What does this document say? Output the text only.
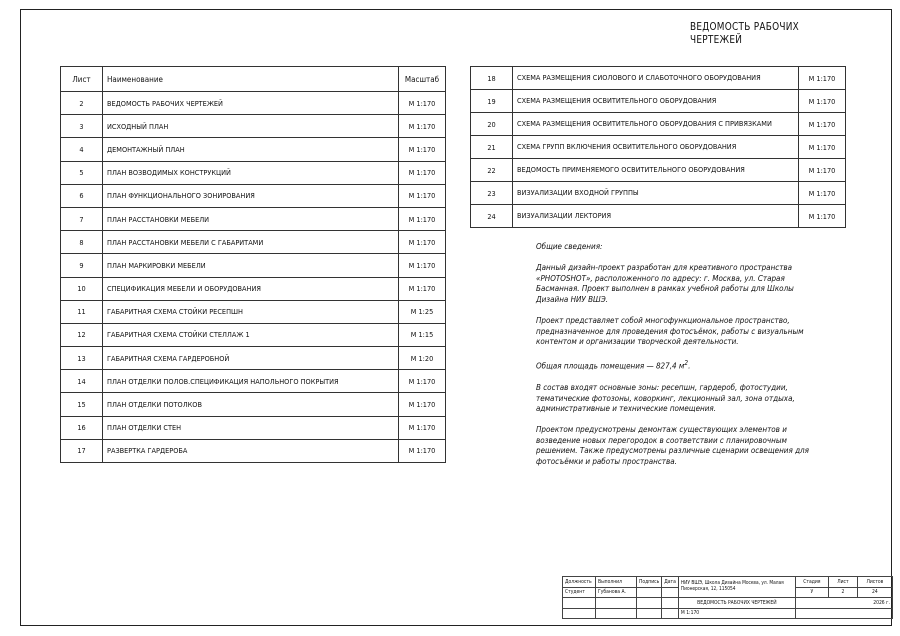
ВЕДОМОСТЬ РАБОЧИХ ЧЕРТЕЖЕЙ
Лист	Наименование	Масштаб
2	ВЕДОМОСТЬ РАБОЧИХ ЧЕРТЕЖЕЙ	М 1:170
3	ИСХОДНЫЙ ПЛАН	М 1:170
4	ДЕМОНТАЖНЫЙ ПЛАН	М 1:170
5	ПЛАН ВОЗВОДИМЫХ КОНСТРУКЦИЙ	М 1:170
6	ПЛАН ФУНКЦИОНАЛЬНОГО ЗОНИРОВАНИЯ	М 1:170
7	ПЛАН РАССТАНОВКИ МЕБЕЛИ	М 1:170
8	ПЛАН РАССТАНОВКИ МЕБЕЛИ С ГАБАРИТАМИ	М 1:170
9	ПЛАН МАРКИРОВКИ МЕБЕЛИ	М 1:170
10	СПЕЦИФИКАЦИЯ МЕБЕЛИ И ОБОРУДОВАНИЯ	М 1:170
11	ГАБАРИТНАЯ СХЕМА СТОЙКИ РЕСЕПШН	М 1:25
12	ГАБАРИТНАЯ СХЕМА СТОЙКИ СТЕЛЛАЖ 1	М 1:15
13	ГАБАРИТНАЯ СХЕМА ГАРДЕРОБНОЙ	М 1:20
14	ПЛАН ОТДЕЛКИ ПОЛОВ.СПЕЦИФИКАЦИЯ НАПОЛЬНОГО ПОКРЫТИЯ	М 1:170
15	ПЛАН ОТДЕЛКИ ПОТОЛКОВ	М 1:170
16	ПЛАН ОТДЕЛКИ СТЕН	М 1:170
17	РАЗВЕРТКА ГАРДЕРОБА	М 1:170
18	СХЕМА РАЗМЕЩЕНИЯ СИОЛОВОГО И СЛАБОТОЧНОГО ОБОРУДОВАНИЯ	М 1:170
19	СХЕМА РАЗМЕЩЕНИЯ ОСВИТИТЕЛЬНОГО ОБОРУДОВАНИЯ	М 1:170
20	СХЕМА РАЗМЕЩЕНИЯ ОСВИТИТЕЛЬНОГО ОБОРУДОВАНИЯ С ПРИВЯЗКАМИ	М 1:170
21	СХЕМА ГРУПП ВКЛЮЧЕНИЯ ОСВИТИТЕЛЬНОГО ОБОРУДОВАНИЯ	М 1:170
22	ВЕДОМОСТЬ ПРИМЕНЯЕМОГО ОСВИТИТЕЛЬНОГО ОБОРУДОВАНИЯ	М 1:170
23	ВИЗУАЛИЗАЦИИ ВХОДНОЙ ГРУППЫ	М 1:170
24	ВИЗУАЛИЗАЦИИ ЛЕКТОРИЯ	М 1:170

Общие сведения:

Данный дизайн-проект разработан для креативного пространства «PHOTOSHOT», расположенного по адресу: г. Москва, ул. Старая Басманная. Проект выполнен в рамках учебной работы для Школы Дизайна НИУ ВШЭ.

Проект представляет собой многофункциональное пространство, предназначенное для проведения фотосъёмок, работы с визуальным контентом и организации творческой деятельности.

Общая площадь помещения — 827,4 $м^2$.

В состав входят основные зоны: ресепшн, гардероб, фотостудии, тематические фотозоны, коворкинг, лекционный зал, зона отдыха, административные и технические помещения.

Проектом предусмотрены демонтаж существующих элементов и возведение новых перегородок в соответствии с планировочным решением. Также предусмотрены различные сценарии освещения для фотосъёмки и работы пространства.

Должность	Выполнил	Подпись	Дата	НИУ ВШЭ, Школа Дизайна Москва, ул. Малая Пионерская, 12, 115054	Стадия	Лист	Листов
Студент	Губанова А.				У	2	24
				ВЕДОМОСТЬ РАБОЧИХ ЧЕРТЕЖЕЙ	2026 г.		
				М 1:170			
